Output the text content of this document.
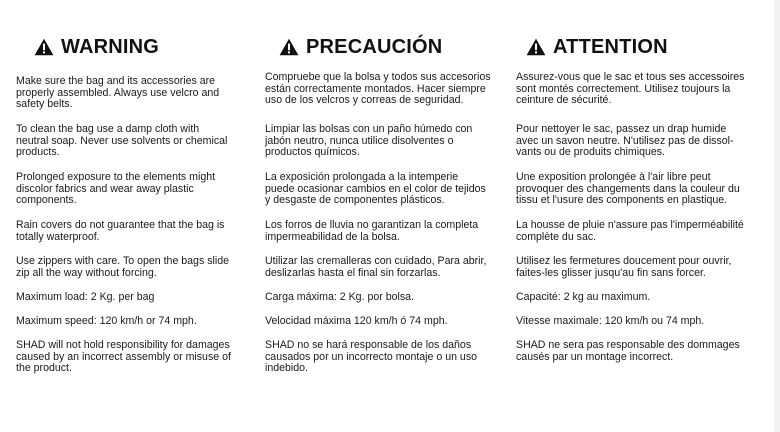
WARNING
Make sure the bag and its accessories are
properly assembled. Always use velcro and
safety belts.
To clean the bag use a damp cloth with
neutral soap. Never use solvents or chemical
products.
Prolonged exposure to the elements might
discolor fabrics and wear away plastic
components.
Rain covers do not guarantee that the bag is
totally waterproof.
Use zippers with care. To open the bags slide
zip all the way without forcing.
Maximum load: 2 Kg. per bag
Maximum speed: 120 km/h or 74 mph.
SHAD will not hold responsibility for damages
caused by an incorrect assembly or misuse of
the product.
PRECAUCIÓN
Compruebe que la bolsa y todos sus accesorios
están correctamente montados. Hacer siempre
uso de los velcros y correas de seguridad.
Limpiar las bolsas con un paño húmedo con
jabón neutro, nunca utilice disolventes o
productos químicos.
La exposición prolongada a la intemperie
puede ocasionar cambios en el color de tejidos
y desgaste de componentes plásticos.
Los forros de lluvia no garantizan la completa
impermeabilidad de la bolsa.
Utilizar las cremalleras con cuidado, Para abrir,
deslizarlas hasta el final sin forzarlas.
Carga máxima: 2 Kg. por bolsa.
Velocidad máxima 120 km/h ó 74 mph.
SHAD no se hará responsable de los daños
causados por un incorrecto montaje o un uso
indebido.
ATTENTION
Assurez-vous que le sac et tous ses accessoires
sont montés correctement. Utilisez toujours la
ceinture de sécurité.
Pour nettoyer le sac, passez un drap humide
avec un savon neutre. N'utilisez pas de dissol-
vants ou de produits chimiques.
Une exposition prolongée à l'air libre peut
provoquer des changements dans la couleur du
tissu et l'usure des components en plastique.
La housse de pluie n'assure pas l'imperméabilité
complète du sac.
Utilisez les fermetures doucement pour ouvrir,
faites-les glisser jusqu'au fin sans forcer.
Capacité: 2 kg au maximum.
Vitesse maximale: 120 km/h ou 74 mph.
SHAD ne sera pas responsable des dommages
causés par un montage incorrect.
